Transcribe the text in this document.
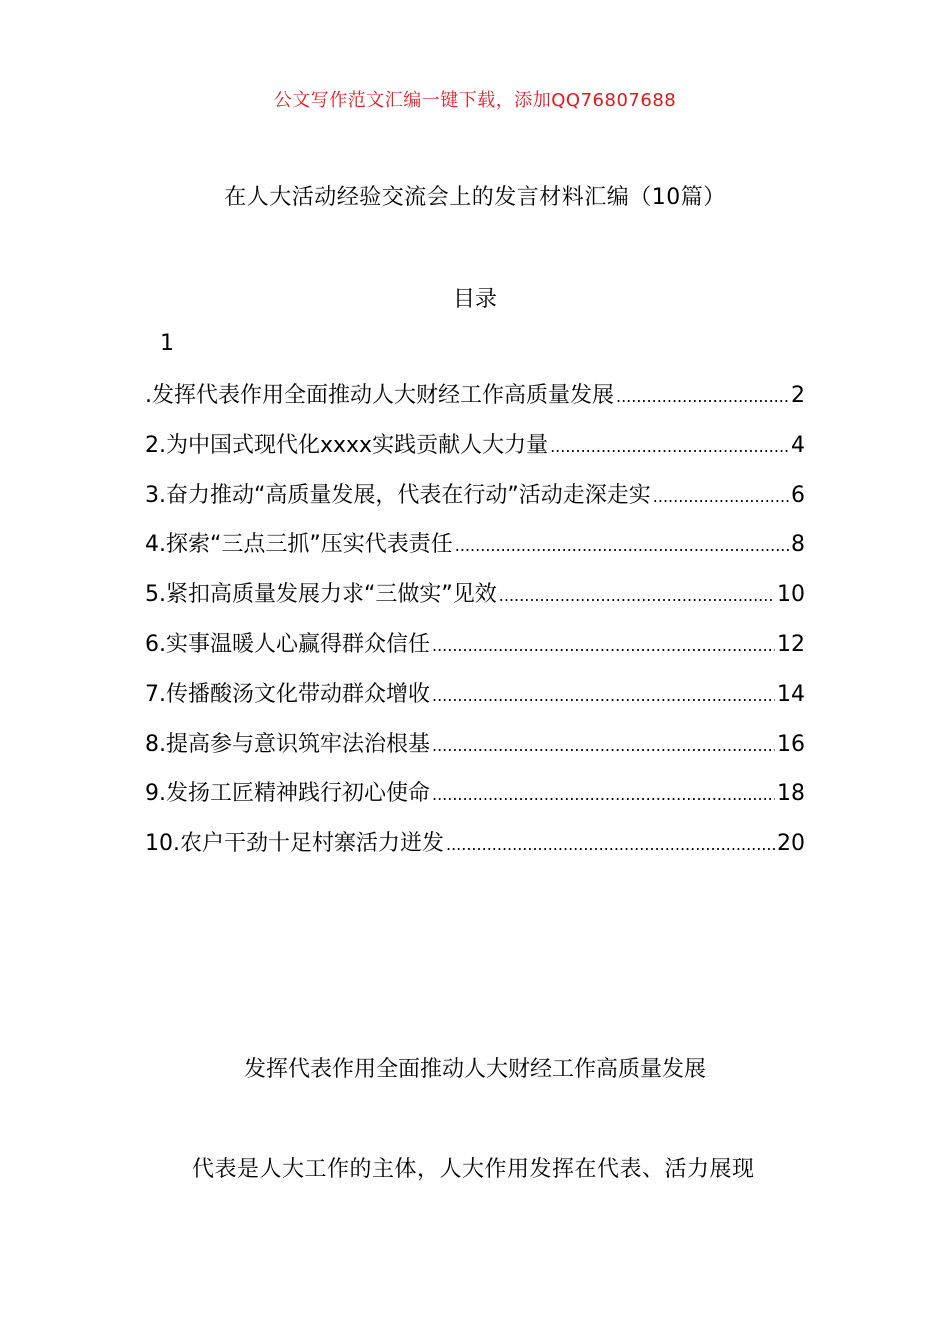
公文写作范文汇编一键下载，添加QQ76807688
在人大活动经验交流会上的发言材料汇编（10篇）
目录
1
.发挥代表作用全面推动人大财经工作高质量发展 .....	2
2.为中国式现代化xxxx实践贡献人大力量 .....	4
3.奋力推动“高质量发展，代表在行动”活动走深走实 .....	6
4.探索“三点三抓”压实代表责任 .....	8
5.紧扣高质量发展力求“三做实”见效 .....	10
6.实事温暖人心赢得群众信任 .....	12
7.传播酸汤文化带动群众增收 .....	14
8.提高参与意识筑牢法治根基 .....	16
9.发扬工匠精神践行初心使命 .....	18
10.农户干劲十足村寨活力迸发 .....	20
发挥代表作用全面推动人大财经工作高质量发展
代表是人大工作的主体，人大作用发挥在代表、活力展现
